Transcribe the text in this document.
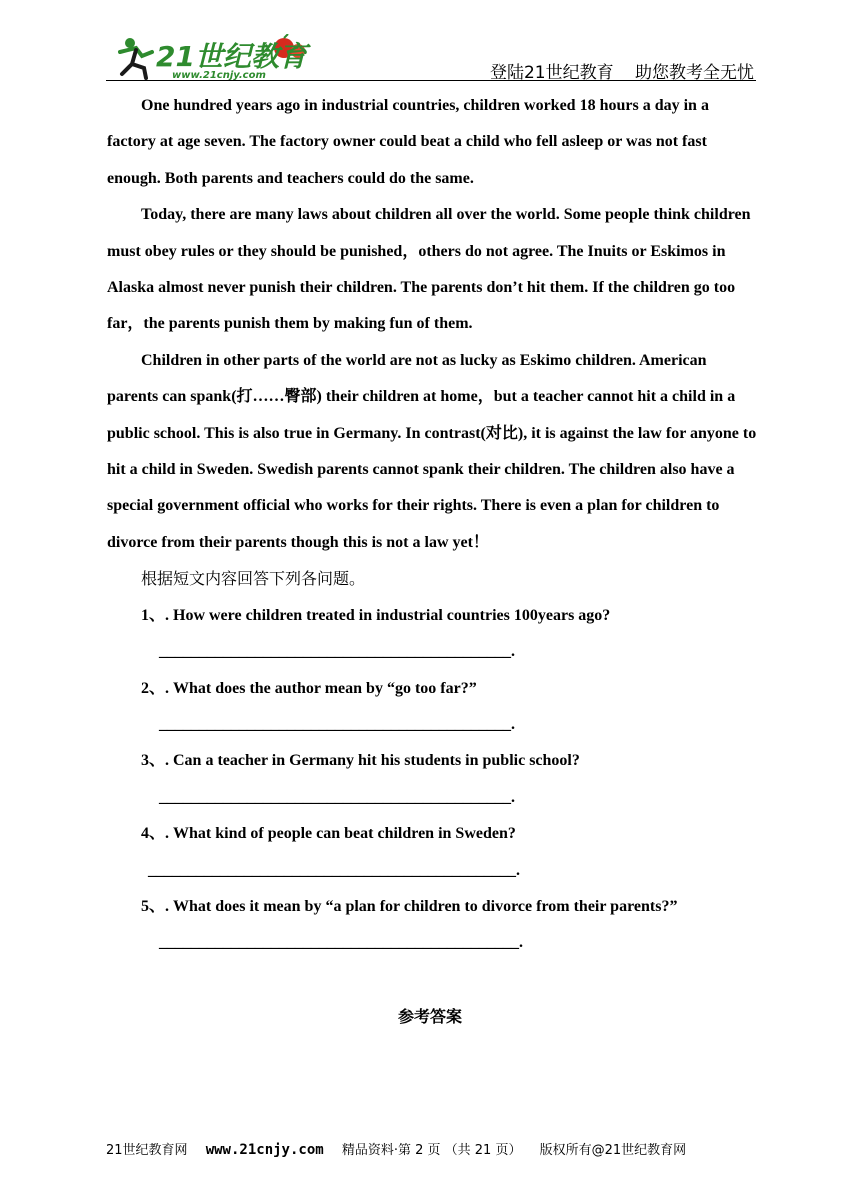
21世纪教育
www.21cnjy.com	登陆21世纪教育 助您教考全无忧

One hundred years ago in industrial countries, children worked 18 hours a day in a factory at age seven. The factory owner could beat a child who fell asleep or was not fast enough. Both parents and teachers could do the same.

Today, there are many laws about children all over the world. Some people think children must obey rules or they should be punished，others do not agree. The Inuits or Eskimos in Alaska almost never punish their children. The parents don’t hit them. If the children go too far，the parents punish them by making fun of them.

Children in other parts of the world are not as lucky as Eskimo children. American parents can spank(打……臀部) their children at home，but a teacher cannot hit a child in a public school. This is also true in Germany. In contrast(对比), it is against the law for anyone to hit a child in Sweden. Swedish parents cannot spank their children. The children also have a special government official who works for their rights. There is even a plan for children to divorce from their parents though this is not a law yet！

根据短文内容回答下列各问题。

1、. How were children treated in industrial countries 100years ago?

____________________________________________.

2、. What does the author mean by “go too far?”

____________________________________________.

3、. Can a teacher in Germany hit his students in public school?

____________________________________________.

4、. What kind of people can beat children in Sweden?

______________________________________________.

5、. What does it mean by “a plan for children to divorce from their parents?”

_____________________________________________.

参考答案
21世纪教育网 www.21cnjy.com 精品资料·第 2 页 （共 21 页） 版权所有@21世纪教育网
